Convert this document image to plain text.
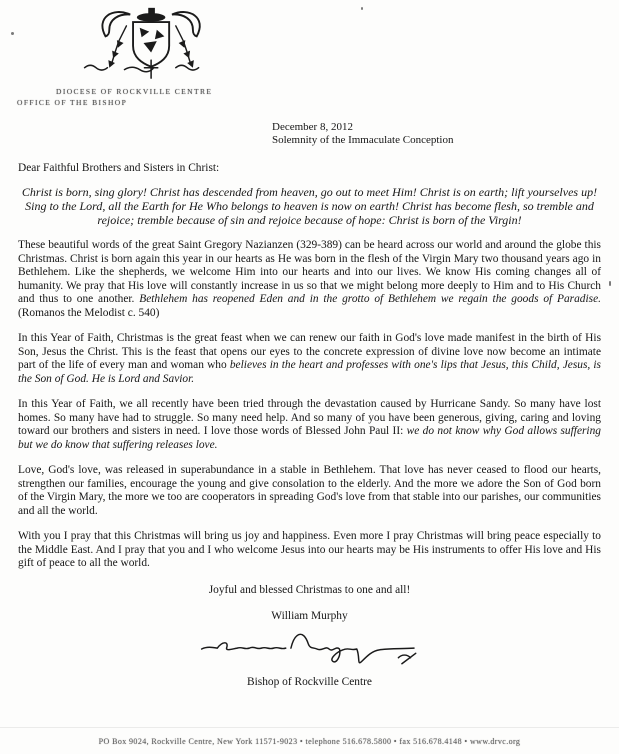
DIOCESE OF ROCKVILLE CENTRE
OFFICE OF THE BISHOP
December 8, 2012
Solemnity of the Immaculate Conception
Dear Faithful Brothers and Sisters in Christ:
Christ is born, sing glory! Christ has descended from heaven, go out to meet Him! Christ is on earth; lift yourselves up! Sing to the Lord, all the Earth for He Who belongs to heaven is now on earth! Christ has become flesh, so tremble and rejoice; tremble because of sin and rejoice because of hope: Christ is born of the Virgin!
These beautiful words of the great Saint Gregory Nazianzen (329-389) can be heard across our world and around the globe this Christmas. Christ is born again this year in our hearts as He was born in the flesh of the Virgin Mary two thousand years ago in Bethlehem. Like the shepherds, we welcome Him into our hearts and into our lives. We know His coming changes all of humanity. We pray that His love will constantly increase in us so that we might belong more deeply to Him and to His Church and thus to one another. Bethlehem has reopened Eden and in the grotto of Bethlehem we regain the goods of Paradise. (Romanos the Melodist c. 540)
In this Year of Faith, Christmas is the great feast when we can renew our faith in God's love made manifest in the birth of His Son, Jesus the Christ. This is the feast that opens our eyes to the concrete expression of divine love now become an intimate part of the life of every man and woman who believes in the heart and professes with one's lips that Jesus, this Child, Jesus, is the Son of God. He is Lord and Savior.
In this Year of Faith, we all recently have been tried through the devastation caused by Hurricane Sandy. So many have lost homes. So many have had to struggle. So many need help. And so many of you have been generous, giving, caring and loving toward our brothers and sisters in need. I love those words of Blessed John Paul II: we do not know why God allows suffering but we do know that suffering releases love.
Love, God's love, was released in superabundance in a stable in Bethlehem. That love has never ceased to flood our hearts, strengthen our families, encourage the young and give consolation to the elderly. And the more we adore the Son of God born of the Virgin Mary, the more we too are cooperators in spreading God's love from that stable into our parishes, our communities and all the world.
With you I pray that this Christmas will bring us joy and happiness. Even more I pray Christmas will bring peace especially to the Middle East. And I pray that you and I who welcome Jesus into our hearts may be His instruments to offer His love and His gift of peace to all the world.
Joyful and blessed Christmas to one and all!
William Murphy
Bishop of Rockville Centre
PO Box 9024, Rockville Centre, New York 11571-9023 • telephone 516.678.5800 • fax 516.678.4148 • www.drvc.org
